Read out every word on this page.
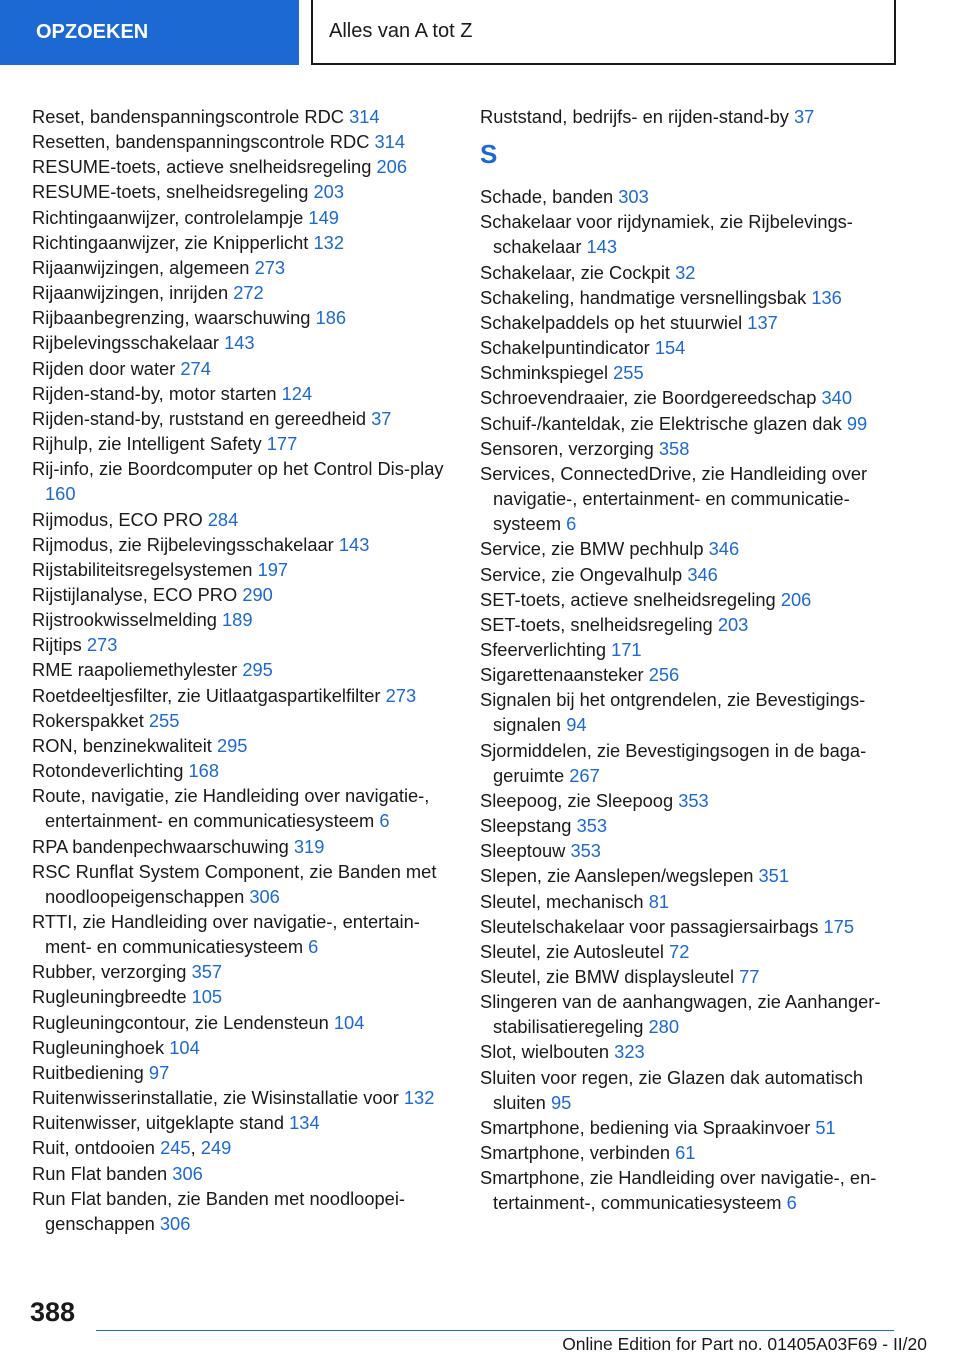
OPZOEKEN	Alles van A tot Z
Reset, bandenspanningscontrole RDC 314
Resetten, bandenspanningscontrole RDC 314
RESUME-toets, actieve snelheidsregeling 206
RESUME-toets, snelheidsregeling 203
Richtingaanwijzer, controlelampje 149
Richtingaanwijzer, zie Knipperlicht 132
Rijaanwijzingen, algemeen 273
Rijaanwijzingen, inrijden 272
Rijbaanbegrenzing, waarschuwing 186
Rijbelevingsschakelaar 143
Rijden door water 274
Rijden-stand-by, motor starten 124
Rijden-stand-by, ruststand en gereedheid 37
Rijhulp, zie Intelligent Safety 177
Rij-info, zie Boordcomputer op het Control Dis-play 160
Rijmodus, ECO PRO 284
Rijmodus, zie Rijbelevingsschakelaar 143
Rijstabiliteitsregelsystemen 197
Rijstijlanalyse, ECO PRO 290
Rijstrookwisselmelding 189
Rijtips 273
RME raapoliemethylester 295
Roetdeeltjesfilter, zie Uitlaatgaspartikelfilter 273
Rokerspakket 255
RON, benzinekwaliteit 295
Rotondeverlichting 168
Route, navigatie, zie Handleiding over navigatie-, entertainment- en communicatiesysteem 6
RPA bandenpechwaarschuwing 319
RSC Runflat System Component, zie Banden met noodloopeigenschappen 306
RTTI, zie Handleiding over navigatie-, entertain-ment- en communicatiesysteem 6
Rubber, verzorging 357
Rugleuningbreedte 105
Rugleuningcontour, zie Lendensteun 104
Rugleuninghoek 104
Ruitbediening 97
Ruitenwisserinstallatie, zie Wisinstallatie voor 132
Ruitenwisser, uitgeklapte stand 134
Ruit, ontdooien 245, 249
Run Flat banden 306
Run Flat banden, zie Banden met noodloopei-genschappen 306
Ruststand, bedrijfs- en rijden-stand-by 37
S
Schade, banden 303
Schakelaar voor rijdynamiek, zie Rijbelevings-schakelaar 143
Schakelaar, zie Cockpit 32
Schakeling, handmatige versnellingsbak 136
Schakelpaddels op het stuurwiel 137
Schakelpuntindicator 154
Schminkspiegel 255
Schroevendraaier, zie Boordgereedschap 340
Schuif-/kanteldak, zie Elektrische glazen dak 99
Sensoren, verzorging 358
Services, ConnectedDrive, zie Handleiding over navigatie-, entertainment- en communicatie-systeem 6
Service, zie BMW pechhulp 346
Service, zie Ongevalhulp 346
SET-toets, actieve snelheidsregeling 206
SET-toets, snelheidsregeling 203
Sfeerverlichting 171
Sigarettenaansteker 256
Signalen bij het ontgrendelen, zie Bevestigings-signalen 94
Sjormiddelen, zie Bevestigingsogen in de baga-geruimte 267
Sleepoog, zie Sleepoog 353
Sleepstang 353
Sleeptouw 353
Slepen, zie Aanslepen/wegslepen 351
Sleutel, mechanisch 81
Sleutelschakelaar voor passagiersairbags 175
Sleutel, zie Autosleutel 72
Sleutel, zie BMW displaysleutel 77
Slingeren van de aanhangwagen, zie Aanhanger-stabilisatieregeling 280
Slot, wielbouten 323
Sluiten voor regen, zie Glazen dak automatisch sluiten 95
Smartphone, bediening via Spraakinvoer 51
Smartphone, verbinden 61
Smartphone, zie Handleiding over navigatie-, en-tertainment-, communicatiesysteem 6
388
Online Edition for Part no. 01405A03F69 - II/20
